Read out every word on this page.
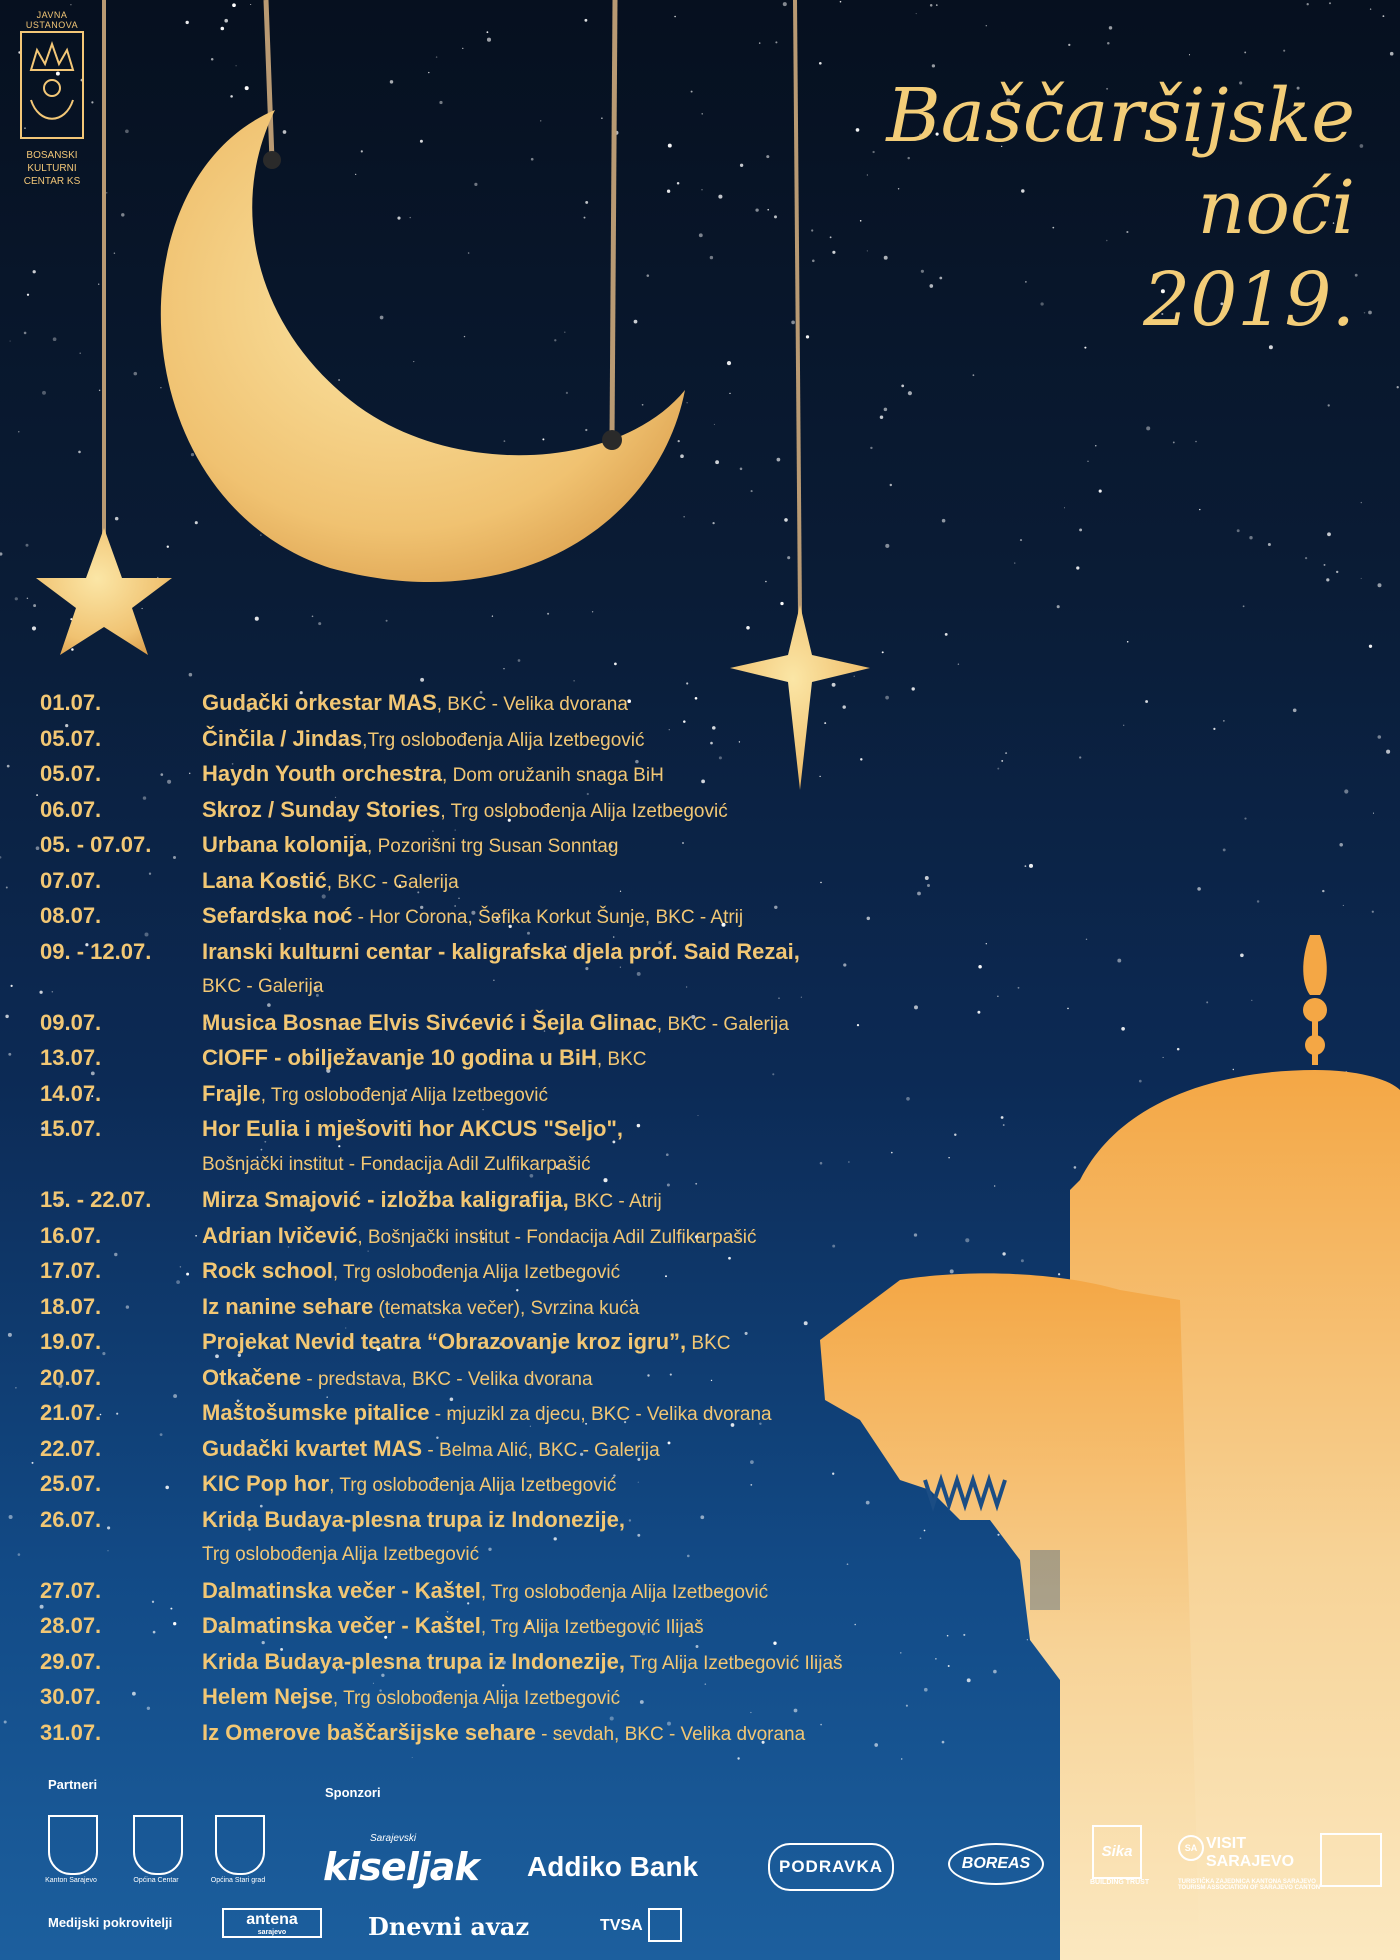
JAVNA USTANOVA
BOSANSKI
KULTURNI
CENTAR KS
Baščaršijske
noći
2019.
01.07.	Gudački orkestar MAS, BKC - Velika dvorana
05.07.	Činčila / Jindas,Trg oslobođenja Alija Izetbegović
05.07.	Haydn Youth orchestra, Dom oružanih snaga BiH
06.07.	Skroz / Sunday Stories, Trg oslobođenja Alija Izetbegović
05. - 07.07. Urbana kolonija, Pozorišni trg Susan Sonntag
07.07.	Lana Kostić, BKC - Galerija
08.07.	Sefardska noć - Hor Corona, Šefika Korkut Šunje, BKC - Atrij
09. - 12.07. Iranski kulturni centar - kaligrafska djela prof. Said Rezai,
BKC - Galerija
09.07.	Musica Bosnae Elvis Sivćević i Šejla Glinac, BKC - Galerija
13.07.	CIOFF - obilježavanje 10 godina u BiH, BKC
14.07.	Frajle, Trg oslobođenja Alija Izetbegović
15.07.	Hor Eulia i mješoviti hor AKCUS "Seljo",
Bošnjački institut - Fondacija Adil Zulfikarpašić
15. - 22.07. Mirza Smajović - izložba kaligrafija, BKC - Atrij
16.07.	Adrian Ivičević, Bošnjački institut - Fondacija Adil Zulfikarpašić
17.07.	Rock school, Trg oslobođenja Alija Izetbegović
18.07.	Iz nanine sehare (tematska večer), Svrzina kuća
19.07.	Projekat Nevid teatra “Obrazovanje kroz igru”, BKC
20.07.	Otkačene - predstava, BKC - Velika dvorana
21.07.	Maštošumske pitalice - mjuzikl za djecu, BKC - Velika dvorana
22.07.	Gudački kvartet MAS - Belma Alić, BKC - Galerija
25.07.	KIC Pop hor, Trg oslobođenja Alija Izetbegović
26.07.	Krida Budaya-plesna trupa iz Indonezije,
Trg oslobođenja Alija Izetbegović
27.07.	Dalmatinska večer - Kaštel, Trg oslobođenja Alija Izetbegović
28.07.	Dalmatinska večer - Kaštel, Trg Alija Izetbegović Ilijaš
29.07.	Krida Budaya-plesna trupa iz Indonezije, Trg Alija Izetbegović Ilijaš
30.07.	Helem Nejse, Trg oslobođenja Alija Izetbegović
31.07.	Iz Omerove baščaršijske sehare - sevdah, BKC - Velika dvorana
Partneri
Sponzori
Medijski pokrovitelji
Kanton Sarajevo	Općina Centar	Općina Stari grad
Sarajevski
kiseljak Addiko Bank	PODRAVKA	BOREAS
Sika
BUILDING TRUST
SA VISIT
SARAJEVO
TURISTIČKA ZAJEDNICA KANTONA SARAJEVO
TOURISM ASSOCIATION OF SARAJEVO CANTON
antena
sarajevo	Dnevni avaz	TVSA
